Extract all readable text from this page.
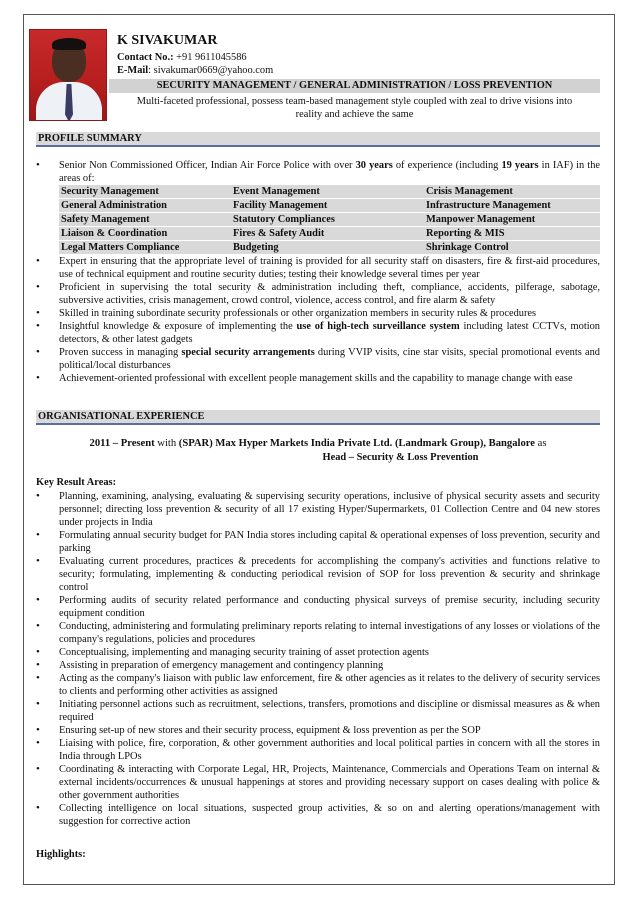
K SIVAKUMAR
Contact No.: +91 9611045586
E-Mail: sivakumar0669@yahoo.com
SECURITY MANAGEMENT / GENERAL ADMINISTRATION / LOSS PREVENTION
Multi-faceted professional, possess team-based management style coupled with zeal to drive visions into
reality and achieve the same
PROFILE SUMMARY
• Senior Non Commissioned Officer, Indian Air Force Police with over 30 years of experience (including 19 years in IAF) in the areas of:
Security Management	Event Management	Crisis Management
General Administration	Facility Management	Infrastructure Management
Safety Management	Statutory Compliances	Manpower Management
Liaison & Coordination	Fires & Safety Audit	Reporting & MIS
Legal Matters Compliance	Budgeting	Shrinkage Control
• Expert in ensuring that the appropriate level of training is provided for all security staff on disasters, fire & first-aid procedures, use of technical equipment and routine security duties; testing their knowledge several times per year
• Proficient in supervising the total security & administration including theft, compliance, accidents, pilferage, sabotage, subversive activities, crisis management, crowd control, violence, access control, and fire alarm & safety
• Skilled in training subordinate security professionals or other organization members in security rules & procedures
• Insightful knowledge & exposure of implementing the use of high-tech surveillance system including latest CCTVs, motion detectors, & other latest gadgets
• Proven success in managing special security arrangements during VVIP visits, cine star visits, special promotional events and political/local disturbances
• Achievement-oriented professional with excellent people management skills and the capability to manage change with ease
ORGANISATIONAL EXPERIENCE
2011 – Present with (SPAR) Max Hyper Markets India Private Ltd. (Landmark Group), Bangalore as
Head – Security & Loss Prevention
Key Result Areas:
• Planning, examining, analysing, evaluating & supervising security operations, inclusive of physical security assets and security personnel; directing loss prevention & security of all 17 existing Hyper/Supermarkets, 01 Collection Centre and 04 new stores under projects in India
• Formulating annual security budget for PAN India stores including capital & operational expenses of loss prevention, security and parking
• Evaluating current procedures, practices & precedents for accomplishing the company's activities and functions relative to security; formulating, implementing & conducting periodical revision of SOP for loss prevention & security and shrinkage control
• Performing audits of security related performance and conducting physical surveys of premise security, including security equipment condition
• Conducting, administering and formulating preliminary reports relating to internal investigations of any losses or violations of the company's regulations, policies and procedures
• Conceptualising, implementing and managing security training of asset protection agents
• Assisting in preparation of emergency management and contingency planning
• Acting as the company's liaison with public law enforcement, fire & other agencies as it relates to the delivery of security services to clients and performing other activities as assigned
• Initiating personnel actions such as recruitment, selections, transfers, promotions and discipline or dismissal measures as & when required
• Ensuring set-up of new stores and their security process, equipment & loss prevention as per the SOP
• Liaising with police, fire, corporation, & other government authorities and local political parties in concern with all the stores in India through LPOs
• Coordinating & interacting with Corporate Legal, HR, Projects, Maintenance, Commercials and Operations Team on internal & external incidents/occurrences & unusual happenings at stores and providing necessary support on cases dealing with police & other government authorities
• Collecting intelligence on local situations, suspected group activities, & so on and alerting operations/management with suggestion for corrective action
Highlights:
